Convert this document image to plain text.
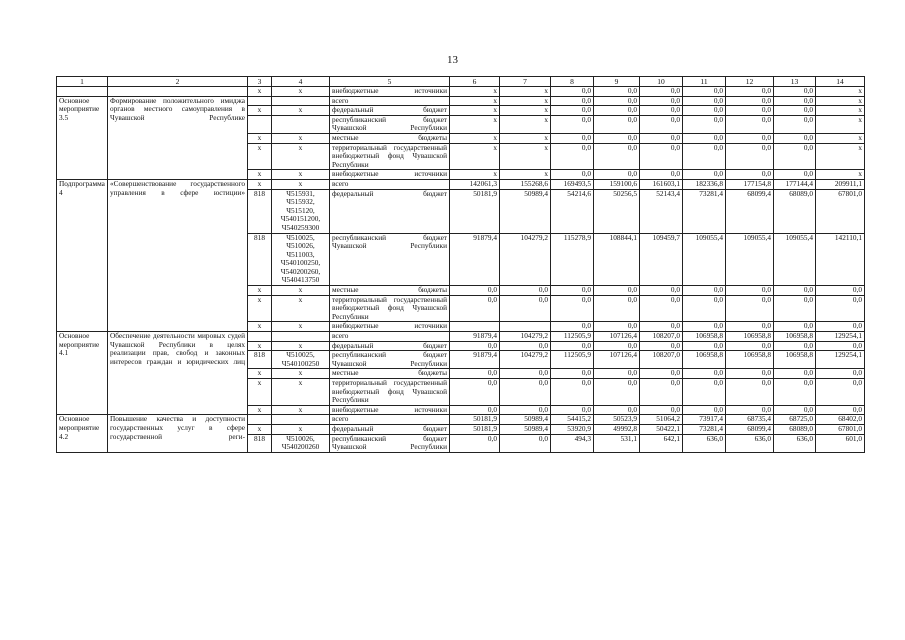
13
1	2	3	4	5	6	7	8	9	10	11	12	13	14
		x	x	внебюджетные источники	x	x	0,0	0,0	0,0	0,0	0,0	0,0	x
Основное мероприятие 3.5	Формирование положительного имиджа органов местного самоуправления в Чувашской Республике			всего	x	x	0,0	0,0	0,0	0,0	0,0	0,0	x
		x	x	федеральный бюджет	x	x	0,0	0,0	0,0	0,0	0,0	0,0	x
				республиканский бюджет Чувашской Республики	x	x	0,0	0,0	0,0	0,0	0,0	0,0	x
		x	x	местные бюджеты	x	x	0,0	0,0	0,0	0,0	0,0	0,0	x
		x	x	территориальный государственный внебюджетный фонд Чувашской Республики	x	x	0,0	0,0	0,0	0,0	0,0	0,0	x
		x	x	внебюджетные источники	x	x	0,0	0,0	0,0	0,0	0,0	0,0	x
Подпрограмма 4	«Совершенствование государственного управления в сфере юстиции»	x	x	всего	142061,3	155268,6	169493,5	159100,6	161603,1	182336,8	177154,8	177144,4	209911,1
		818	Ч515931, Ч515932, Ч515120, Ч540151200, Ч540259300	федеральный бюджет	50181,9	50989,4	54214,6	50256,5	52143,4	73281,4	68099,4	68089,0	67801,0
		818	Ч510025, Ч510026, Ч511003, Ч540100250, Ч540200260, Ч540413750	республиканский бюджет Чувашской Республики	91879,4	104279,2	115278,9	108844,1	109459,7	109055,4	109055,4	109055,4	142110,1
		x	x	местные бюджеты	0,0	0,0	0,0	0,0	0,0	0,0	0,0	0,0	0,0
		x	x	территориальный государственный внебюджетный фонд Чувашской Республики	0,0	0,0	0,0	0,0	0,0	0,0	0,0	0,0	0,0
		x	x	внебюджетные источники			0,0	0,0	0,0	0,0	0,0	0,0	0,0
Основное мероприятие 4.1	Обеспечение деятельности мировых судей Чувашской Республики в целях реализации прав, свобод и законных интересов граждан и юридических лиц			всего	91879,4	104279,2	112505,9	107126,4	108207,0	106958,8	106958,8	106958,8	129254,1
		x	x	федеральный бюджет	0,0	0,0	0,0	0,0	0,0	0,0	0,0	0,0	0,0
		818	Ч510025, Ч540100250	республиканский бюджет Чувашской Республики	91879,4	104279,2	112505,9	107126,4	108207,0	106958,8	106958,8	106958,8	129254,1
		x	x	местные бюджеты	0,0	0,0	0,0	0,0	0,0	0,0	0,0	0,0	0,0
		x	x	территориальный государственный внебюджетный фонд Чувашской Республики	0,0	0,0	0,0	0,0	0,0	0,0	0,0	0,0	0,0
		x	x	внебюджетные источники	0,0	0,0	0,0	0,0	0,0	0,0	0,0	0,0	0,0
Основное мероприятие 4.2	Повышение качества и доступности государственных услуг в сфере государственной реги-			всего	50181,9	50989,4	54415,2	50523,9	51064,2	73917,4	68735,4	68725,0	68402,0
		x	x	федеральный бюджет	50181,9	50989,4	53920,9	49992,8	50422,1	73281,4	68099,4	68089,0	67801,0
		818	Ч510026, Ч540200260	республиканский бюджет Чувашской Республики	0,0	0,0	494,3	531,1	642,1	636,0	636,0	636,0	601,0
